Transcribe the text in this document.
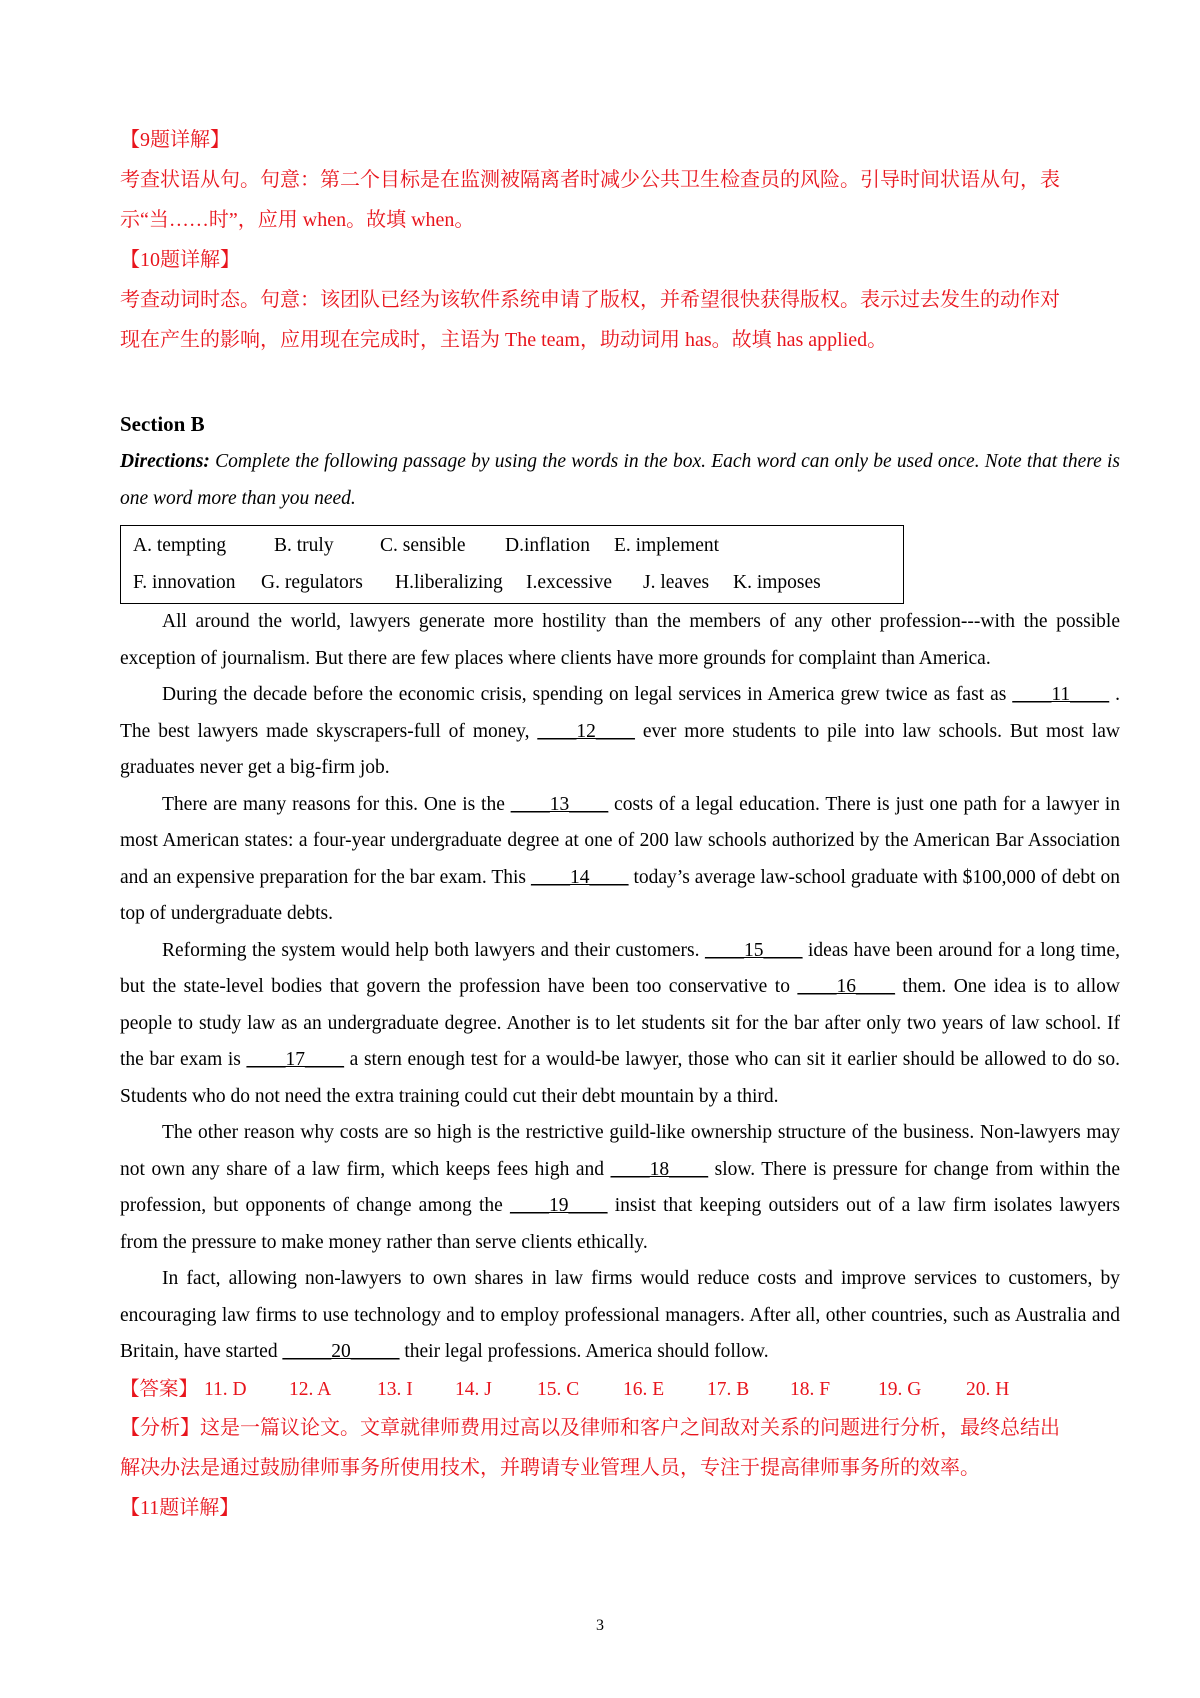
【9题详解】

考查状语从句。句意：第二个目标是在监测被隔离者时减少公共卫生检查员的风险。引导时间状语从句，表

示“当……时”，应用 when。故填 when。

【10题详解】

考查动词时态。句意：该团队已经为该软件系统申请了版权，并希望很快获得版权。表示过去发生的动作对

现在产生的影响，应用现在完成时，主语为 The team，助动词用 has。故填 has applied。

Section B

Directions: Complete the following passage by using the words in the box. Each word can only be used once. Note that there is one word more than you need.

A. tempting	B. truly	C. sensible	D.inflation	E. implement
F. innovation	G. regulators	H.liberalizing	I.excessive	J. leaves	K. imposes

All around the world, lawyers generate more hostility than the members of any other profession---with the possible exception of journalism. But there are few places where clients have more grounds for complaint than America.

During the decade before the economic crisis, spending on legal services in America grew twice as fast as ____11____ . The best lawyers made skyscrapers-full of money, ____12____ ever more students to pile into law schools. But most law graduates never get a big-firm job.

There are many reasons for this. One is the ____13____ costs of a legal education. There is just one path for a lawyer in most American states: a four-year undergraduate degree at one of 200 law schools authorized by the American Bar Association and an expensive preparation for the bar exam. This ____14____ today’s average law-school graduate with $100,000 of debt on top of undergraduate debts.

Reforming the system would help both lawyers and their customers. ____15____ ideas have been around for a long time, but the state-level bodies that govern the profession have been too conservative to ____16____ them. One idea is to allow people to study law as an undergraduate degree. Another is to let students sit for the bar after only two years of law school. If the bar exam is ____17____ a stern enough test for a would-be lawyer, those who can sit it earlier should be allowed to do so. Students who do not need the extra training could cut their debt mountain by a third.

The other reason why costs are so high is the restrictive guild-like ownership structure of the business. Non-lawyers may not own any share of a law firm, which keeps fees high and ____18____ slow. There is pressure for change from within the profession, but opponents of change among the ____19____ insist that keeping outsiders out of a law firm isolates lawyers from the pressure to make money rather than serve clients ethically.

In fact, allowing non-lawyers to own shares in law firms would reduce costs and improve services to customers, by encouraging law firms to use technology and to employ professional managers. After all, other countries, such as Australia and Britain, have started _____20_____ their legal professions. America should follow.

【答案】 11. D 12. A 13. I 14. J 15. C 16. E 17. B 18. F 19. G 20. H

【分析】这是一篇议论文。文章就律师费用过高以及律师和客户之间敌对关系的问题进行分析，最终总结出

解决办法是通过鼓励律师事务所使用技术，并聘请专业管理人员，专注于提高律师事务所的效率。

【11题详解】

3
